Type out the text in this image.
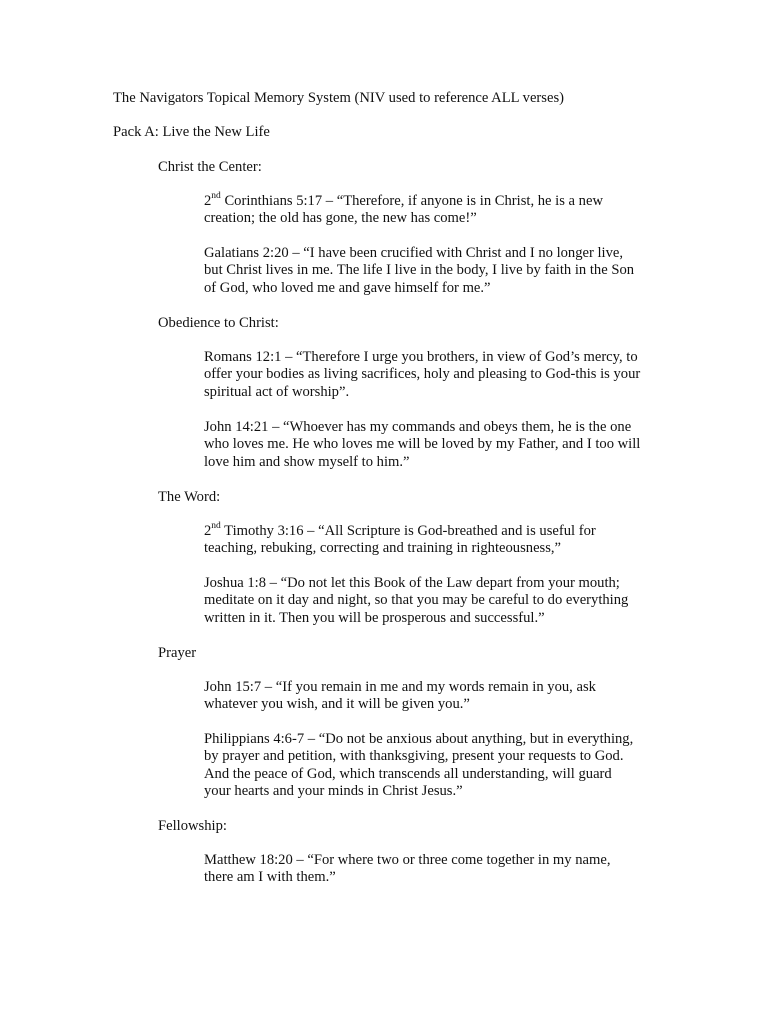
The Navigators Topical Memory System (NIV used to reference ALL verses)
Pack A: Live the New Life
Christ the Center:
2nd Corinthians 5:17 – “Therefore, if anyone is in Christ, he is a new
creation; the old has gone, the new has come!”
Galatians 2:20 – “I have been crucified with Christ and I no longer live,
but Christ lives in me. The life I live in the body, I live by faith in the Son
of God, who loved me and gave himself for me.”
Obedience to Christ:
Romans 12:1 – “Therefore I urge you brothers, in view of God’s mercy, to
offer your bodies as living sacrifices, holy and pleasing to God-this is your
spiritual act of worship”.
John 14:21 – “Whoever has my commands and obeys them, he is the one
who loves me. He who loves me will be loved by my Father, and I too will
love him and show myself to him.”
The Word:
2nd Timothy 3:16 – “All Scripture is God-breathed and is useful for
teaching, rebuking, correcting and training in righteousness,”
Joshua 1:8 – “Do not let this Book of the Law depart from your mouth;
meditate on it day and night, so that you may be careful to do everything
written in it. Then you will be prosperous and successful.”
Prayer
John 15:7 – “If you remain in me and my words remain in you, ask
whatever you wish, and it will be given you.”
Philippians 4:6-7 – “Do not be anxious about anything, but in everything,
by prayer and petition, with thanksgiving, present your requests to God.
And the peace of God, which transcends all understanding, will guard
your hearts and your minds in Christ Jesus.”
Fellowship:
Matthew 18:20 – “For where two or three come together in my name,
there am I with them.”
